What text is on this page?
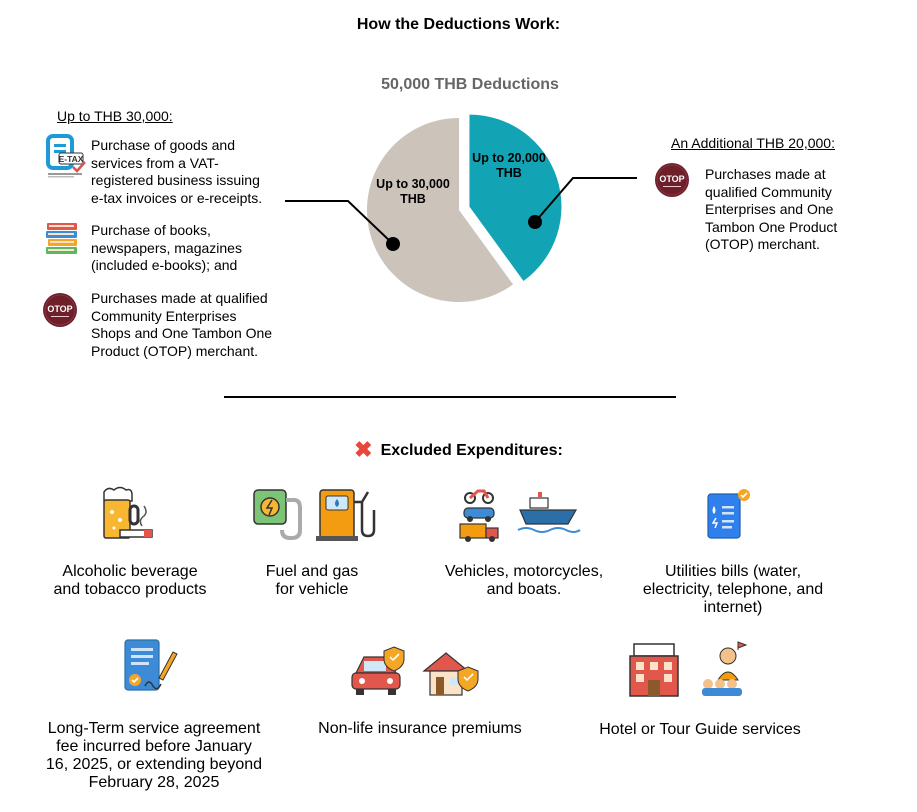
How the Deductions Work:
50,000 THB Deductions
Up to 30,000 THB
Up to 20,000 THB
Up to THB 30,000:
E-TAX
Purchase of goods and
services from a VAT-
registered business issuing
e-tax invoices or e-receipts.
Purchase of books,
newspapers, magazines
(included e-books); and
OTOP
Purchases made at qualified
Community Enterprises
Shops and One Tambon One
Product (OTOP) merchant.
An Additional THB 20,000:
OTOP Purchases made at
qualified Community
Enterprises and One
Tambon One Product
(OTOP) merchant.
✖ Excluded Expenditures:
Alcoholic beverage
and tobacco products
Fuel and gas
for vehicle
Vehicles, motorcycles,
and boats.
Utilities bills (water,
electricity, telephone, and
internet)
Long-Term service agreement
fee incurred before January
16, 2025, or extending beyond
February 28, 2025
Non-life insurance premiums	Hotel or Tour Guide services
